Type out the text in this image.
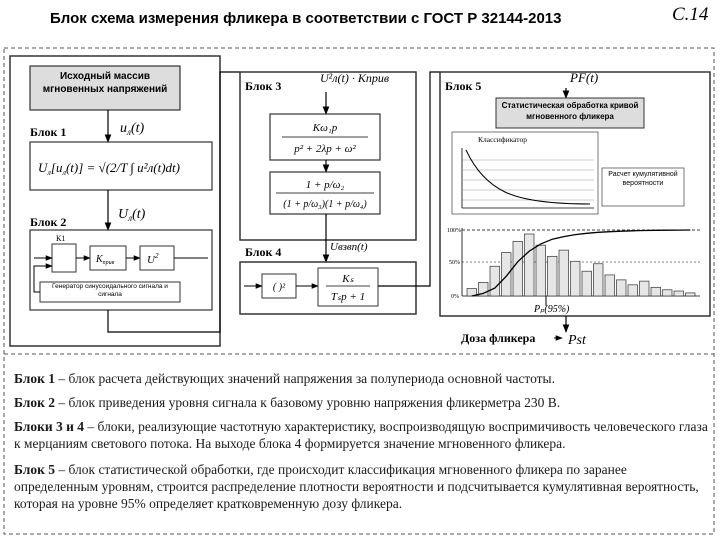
Блок схема измерения фликера в соответствии с ГОСТ Р 32144-2013	С.14
Исходный массив мгновенных напряжений
Блок 1	$u_л(t)$
$U_л[u_л(t)] = √(2/T$ ∫ u²л(t)dt)
Блок 2	$U_л(t)$
К1
$K_{прив}$	$U^2$
Генератор синусоидального сигнала и сигнала
Блок 3
U²л(t) · Kприв
Kω₁p
p² + 2λp + ω²
1 + p/ω₂
(1 + p/ω₃)(1 + p/ω₄)
Uвзвп(t)
Блок 4
( )²
Kₛ
Tₛp + 1
Блок 5
PF(t)
Статистическая обработка кривой мгновенного фликера
Классификатор
Расчет кумулятивной вероятности
100%
50%
0%
Pₚ(95%)
Доза фликера Pst
Блок 1 – блок расчета действующих значений напряжения за полупериода основной частоты.
Блок 2 – блок приведения уровня сигнала к базовому уровню напряжения фликерметра 230 В.
Блоки 3 и 4 – блоки, реализующие частотную характеристику, воспроизводящую воспримичивость человеческого глаза к мерцаниям светового потока. На выходе блока 4 формируется значение мгновенного фликера.
Блок 5 – блок статистической обработки, где происходит классификация мгновенного фликера по заранее определенным уровням, строится распределение плотности вероятности и подсчитывается кумулятивная вероятность, которая на уровне 95% определяет кратковременную дозу фликера.
